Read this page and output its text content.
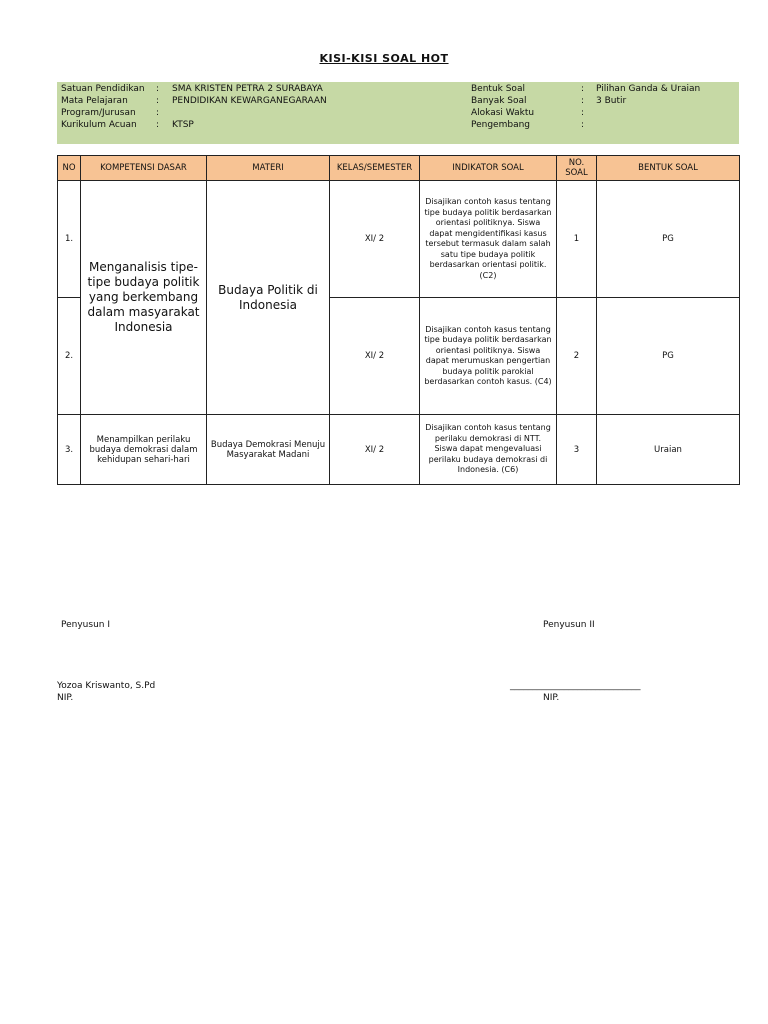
KISI-KISI SOAL HOT
Satuan Pendidikan : SMA KRISTEN PETRA 2 SURABAYA
Mata Pelajaran	: PENDIDIKAN KEWARGANEGARAAN
Program/Jurusan :
Kurikulum Acuan : KTSP
Bentuk Soal	: Pilihan Ganda & Uraian
Banyak Soal	: 3 Butir
Alokasi Waktu	:
Pengembang	:
NO	KOMPETENSI DASAR	MATERI	KELAS/SEMESTER	INDIKATOR SOAL	NO. SOAL	BENTUK SOAL
1.	Menganalisis tipe-tipe budaya politik yang berkembang dalam masyarakat Indonesia	Budaya Politik di Indonesia	XI/ 2	Disajikan contoh kasus tentang tipe budaya politik berdasarkan orientasi politiknya. Siswa dapat mengidentifikasi kasus tersebut termasuk dalam salah satu tipe budaya politik berdasarkan orientasi politik. (C2)	1	PG
2.			XI/ 2	Disajikan contoh kasus tentang tipe budaya politik berdasarkan orientasi politiknya. Siswa dapat merumuskan pengertian budaya politik parokial berdasarkan contoh kasus. (C4)	2	PG
3.	Menampilkan perilaku budaya demokrasi dalam kehidupan sehari-hari	Budaya Demokrasi Menuju Masyarakat Madani	XI/ 2	Disajikan contoh kasus tentang perilaku demokrasi di NTT. Siswa dapat mengevaluasi perilaku budaya demokrasi di Indonesia. (C6)	3	Uraian
Penyusun I	Penyusun II
Yozoa Kriswanto, S.Pd
NIP.
_____________________________
NIP.
